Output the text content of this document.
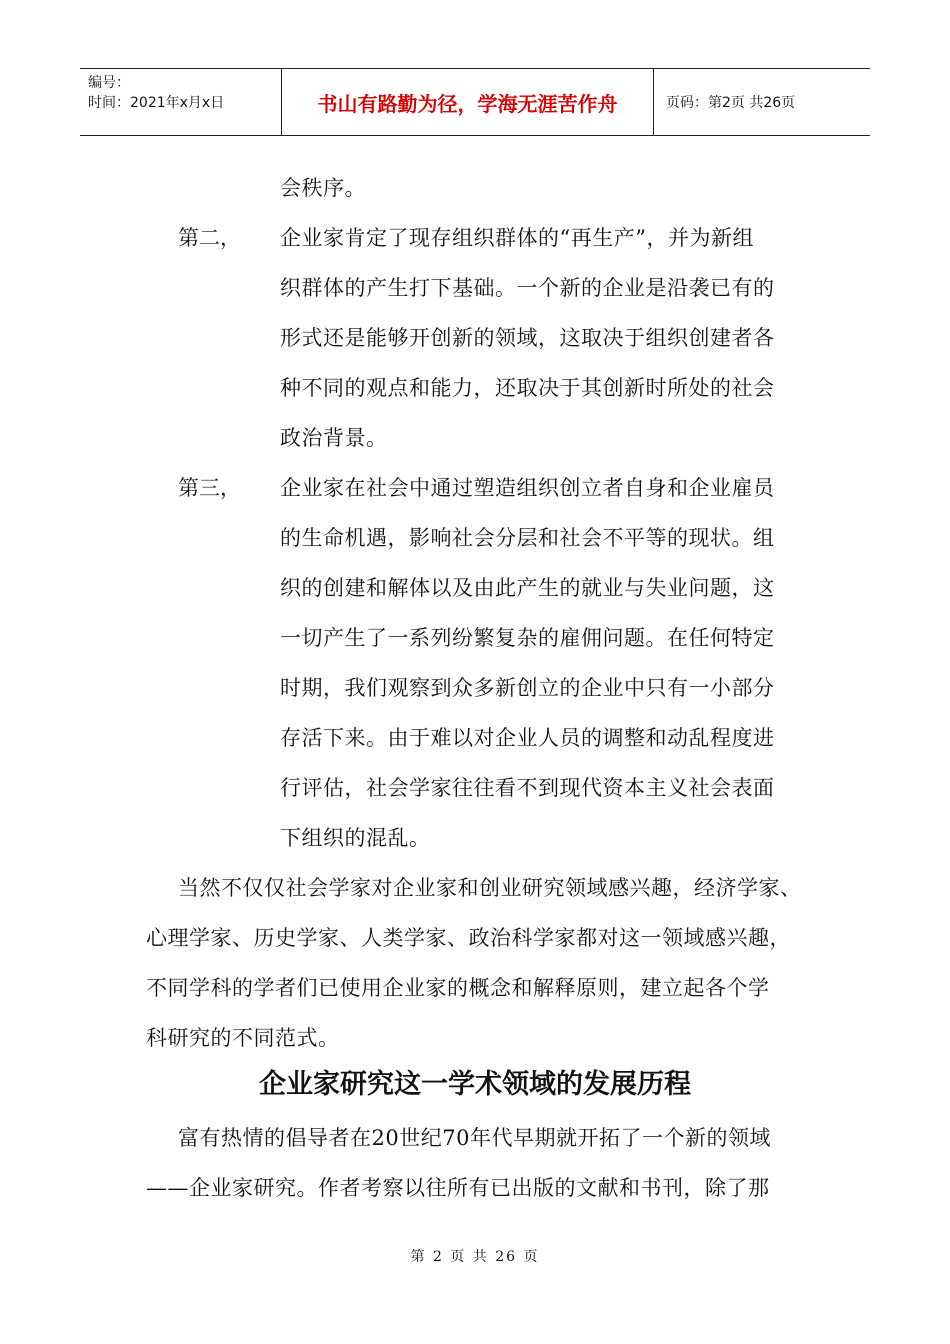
编号：
时间：2021年x月x日	书山有路勤为径，学海无涯苦作舟	页码：第2页 共26页
会秩序。
第二， 企业家肯定了现存组织群体的“再生产”，并为新组
织群体的产生打下基础。一个新的企业是沿袭已有的
形式还是能够开创新的领域，这取决于组织创建者各
种不同的观点和能力，还取决于其创新时所处的社会
政治背景。
第三， 企业家在社会中通过塑造组织创立者自身和企业雇员
的生命机遇，影响社会分层和社会不平等的现状。组
织的创建和解体以及由此产生的就业与失业问题，这
一切产生了一系列纷繁复杂的雇佣问题。在任何特定
时期，我们观察到众多新创立的企业中只有一小部分
存活下来。由于难以对企业人员的调整和动乱程度进
行评估，社会学家往往看不到现代资本主义社会表面
下组织的混乱。
当然不仅仅社会学家对企业家和创业研究领域感兴趣，经济学家、
心理学家、历史学家、人类学家、政治科学家都对这一领域感兴趣，
不同学科的学者们已使用企业家的概念和解释原则，建立起各个学
科研究的不同范式。
企业家研究这一学术领域的发展历程
富有热情的倡导者在20世纪70年代早期就开拓了一个新的领域
——企业家研究。作者考察以往所有已出版的文献和书刊，除了那
第 2 页 共 26 页
